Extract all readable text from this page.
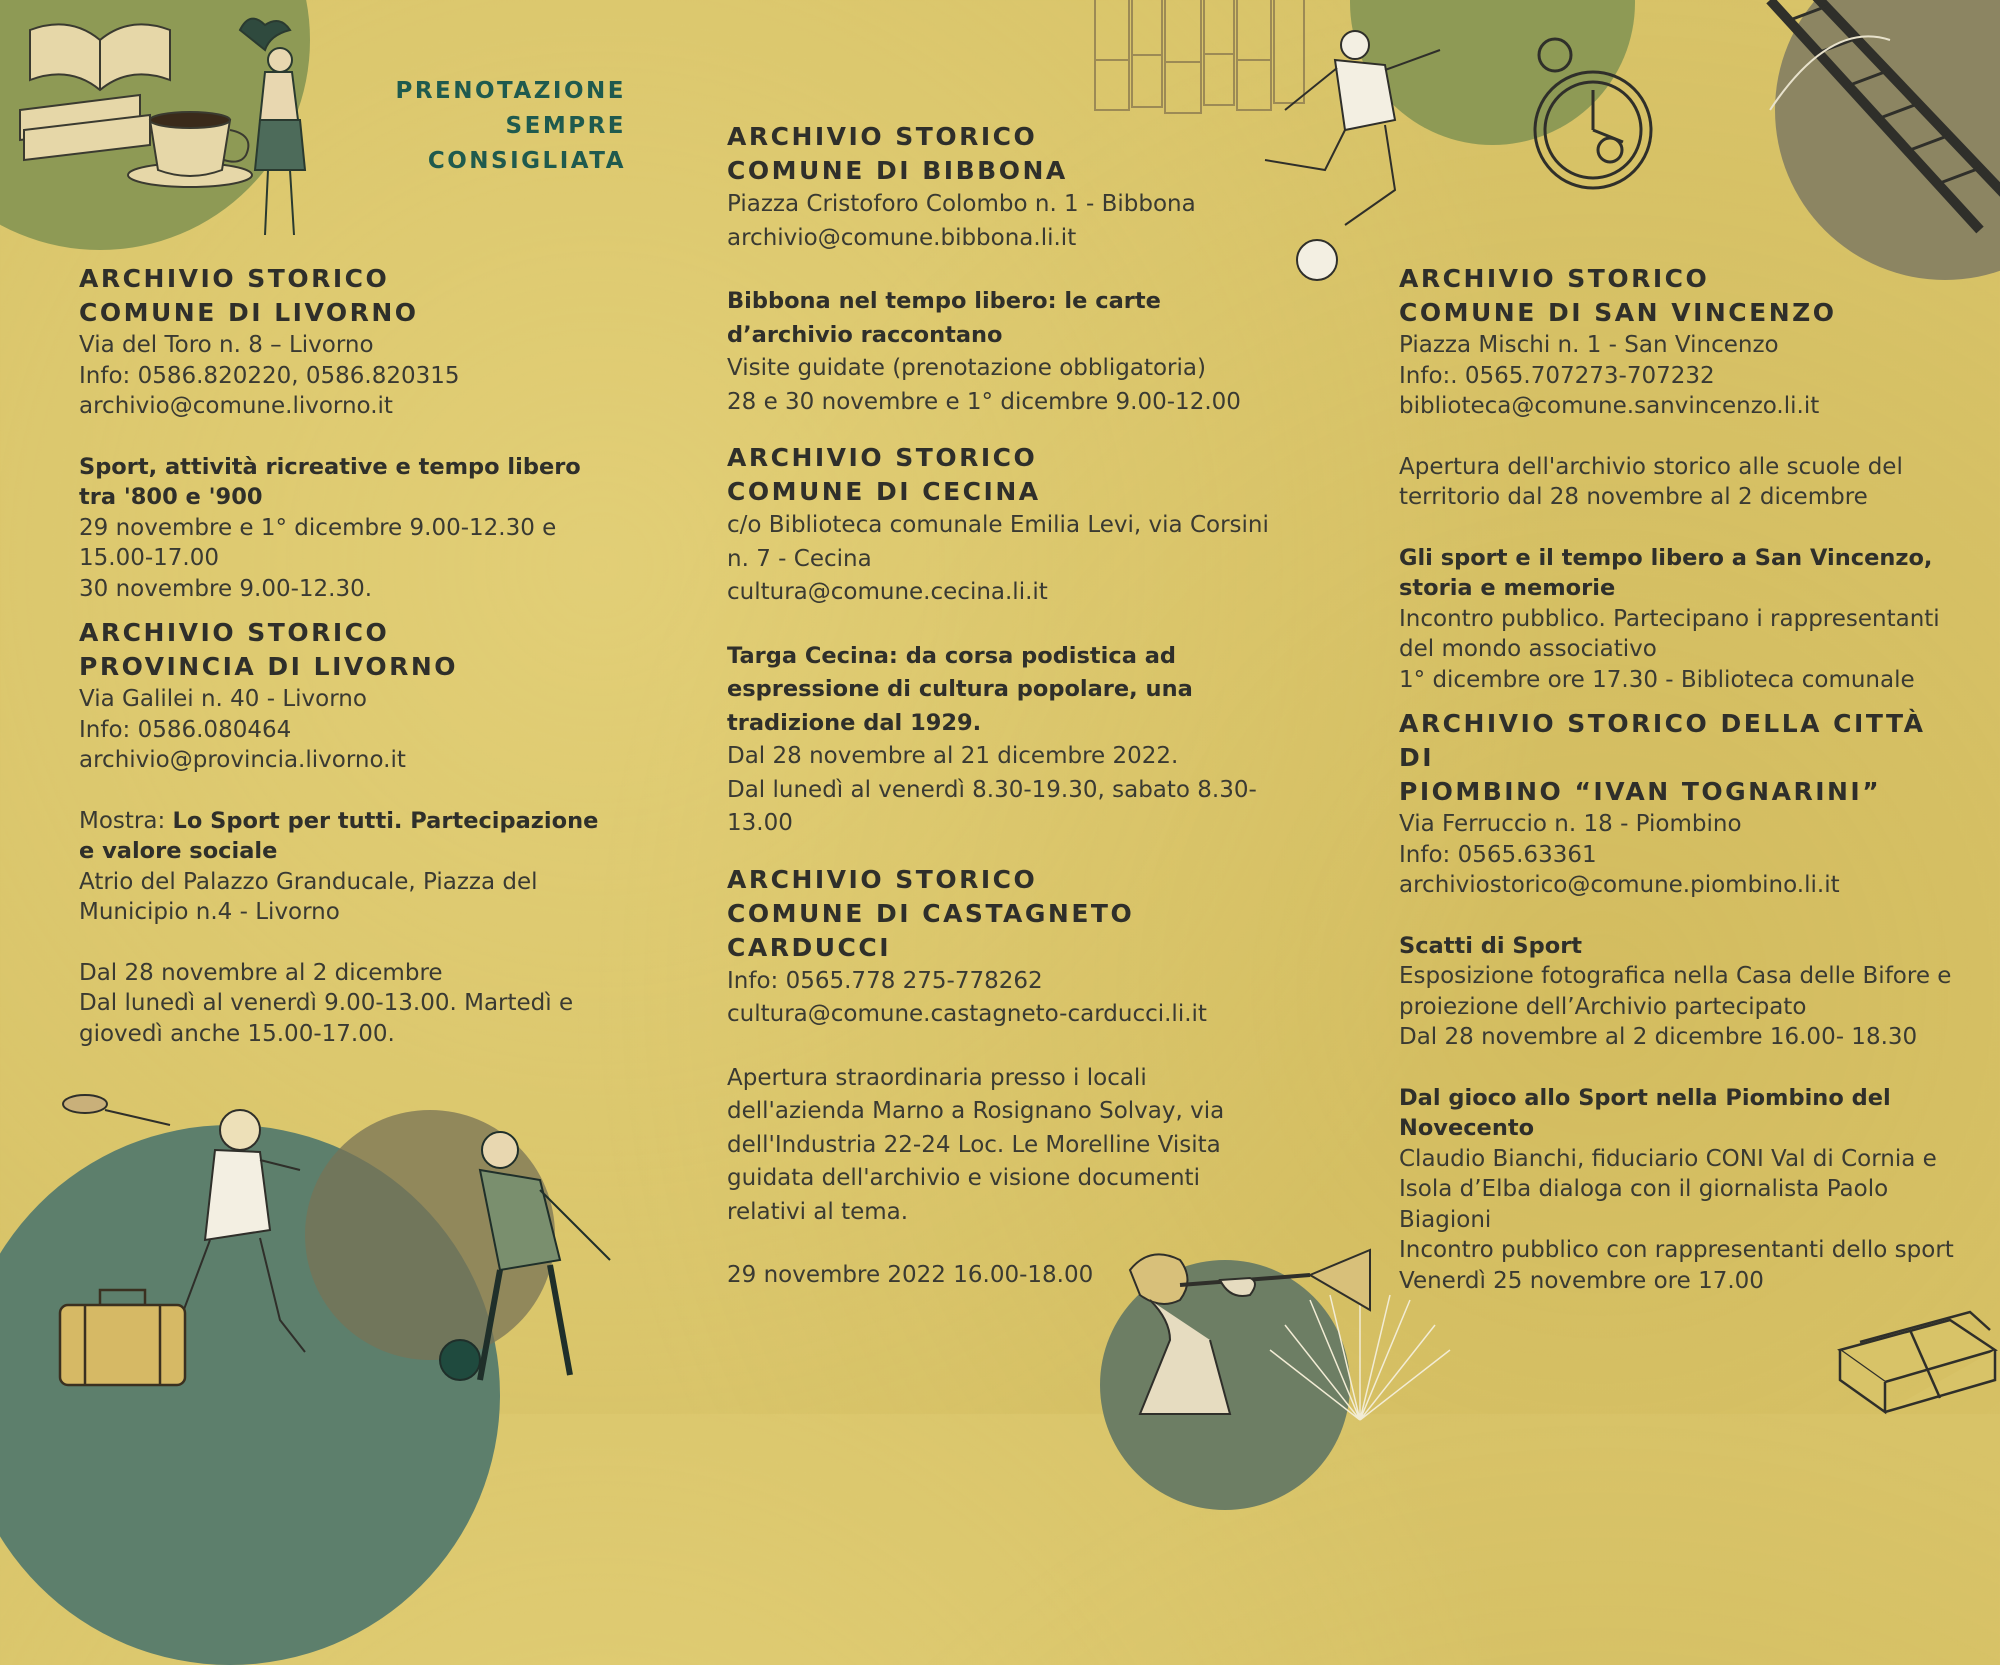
PRENOTAZIONE
SEMPRE CONSIGLIATA

ARCHIVIO STORICO

COMUNE DI LIVORNO

Via del Toro n. 8 – Livorno

Info: 0586.820220, 0586.820315

archivio@comune.livorno.it

Sport, attività ricreative e tempo libero tra '800 e '900

29 novembre e 1° dicembre 9.00-12.30 e 15.00-17.00

30 novembre 9.00-12.30.

ARCHIVIO STORICO

PROVINCIA DI LIVORNO

Via Galilei n. 40 - Livorno

Info: 0586.080464

archivio@provincia.livorno.it

Mostra: Lo Sport per tutti. Partecipazione e valore sociale

Atrio del Palazzo Granducale, Piazza del Municipio n.4 - Livorno

Dal 28 novembre al 2 dicembre

Dal lunedì al venerdì 9.00-13.00. Martedì e giovedì anche 15.00-17.00.

ARCHIVIO STORICO

COMUNE DI BIBBONA

Piazza Cristoforo Colombo n. 1 - Bibbona

archivio@comune.bibbona.li.it

Bibbona nel tempo libero: le carte d’archivio raccontano

Visite guidate (prenotazione obbligatoria)

28 e 30 novembre e 1° dicembre 9.00-12.00

ARCHIVIO STORICO

COMUNE DI CECINA

c/o Biblioteca comunale Emilia Levi, via Corsini n. 7 - Cecina

cultura@comune.cecina.li.it

Targa Cecina: da corsa podistica ad espressione di cultura popolare, una tradizione dal 1929.

Dal 28 novembre al 21 dicembre 2022.

Dal lunedì al venerdì 8.30-19.30, sabato 8.30-13.00

ARCHIVIO STORICO

COMUNE DI CASTAGNETO CARDUCCI

Info: 0565.778 275-778262

cultura@comune.castagneto-carducci.li.it

Apertura straordinaria presso i locali dell'azienda Marno a Rosignano Solvay, via dell'Industria 22-24 Loc. Le Morelline Visita guidata dell'archivio e visione documenti relativi al tema.

29 novembre 2022 16.00-18.00

ARCHIVIO STORICO

COMUNE DI SAN VINCENZO

Piazza Mischi n. 1 - San Vincenzo

Info:. 0565.707273-707232

biblioteca@comune.sanvincenzo.li.it

Apertura dell'archivio storico alle scuole del territorio dal 28 novembre al 2 dicembre

Gli sport e il tempo libero a San Vincenzo, storia e memorie

Incontro pubblico. Partecipano i rappresentanti del mondo associativo

1° dicembre ore 17.30 - Biblioteca comunale

ARCHIVIO STORICO DELLA CITTÀ DI

PIOMBINO “IVAN TOGNARINI”

Via Ferruccio n. 18 - Piombino

Info: 0565.63361

archiviostorico@comune.piombino.li.it

Scatti di Sport

Esposizione fotografica nella Casa delle Bifore e proiezione dell’Archivio partecipato

Dal 28 novembre al 2 dicembre 16.00- 18.30

Dal gioco allo Sport nella Piombino del Novecento

Claudio Bianchi, fiduciario CONI Val di Cornia e Isola d’Elba dialoga con il giornalista Paolo Biagioni

Incontro pubblico con rappresentanti dello sport

Venerdì 25 novembre ore 17.00
